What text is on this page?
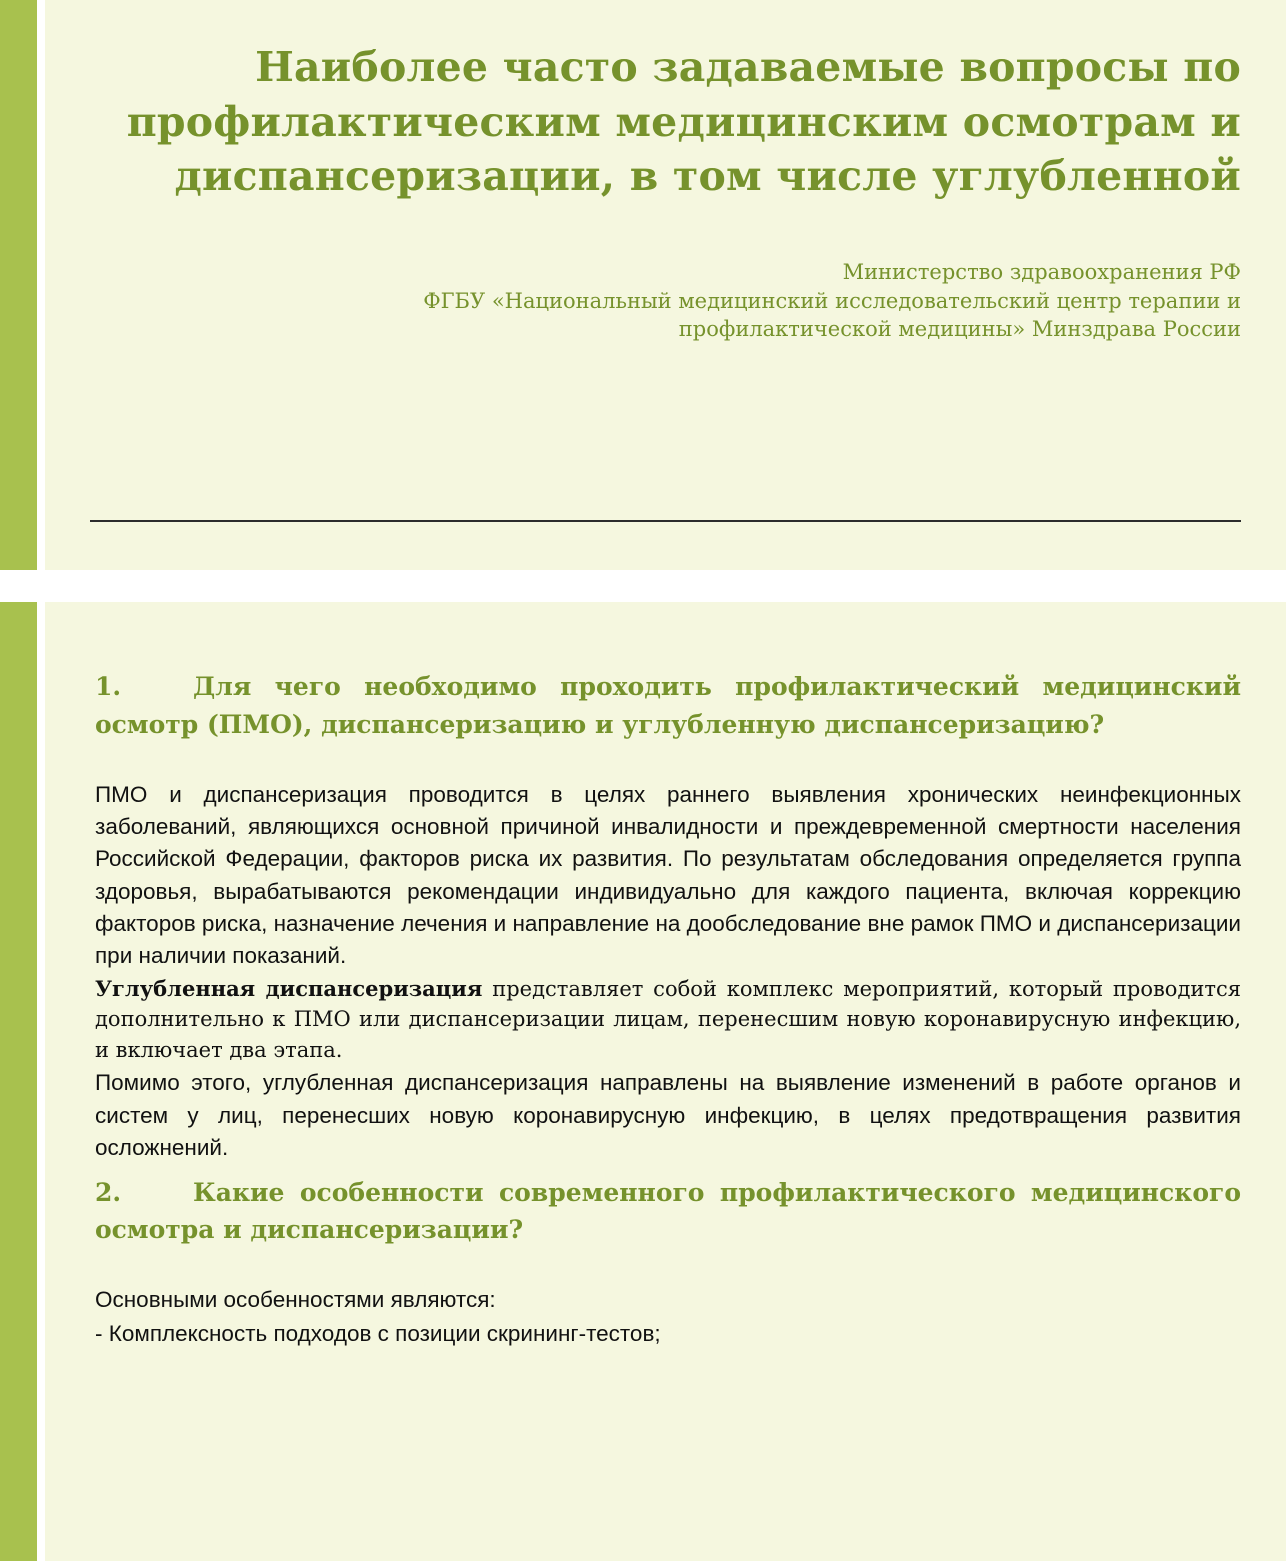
Наиболее часто задаваемые вопросы по профилактическим медицинским осмотрам и диспансеризации, в том числе углубленной
Министерство здравоохранения РФ
ФГБУ «Национальный медицинский исследовательский центр терапии и
профилактической медицины» Минздрава России

1.	Для чего необходимо проходить профилактический медицинский осмотр (ПМО), диспансеризацию и углубленную диспансеризацию?

ПМО и диспансеризация проводится в целях раннего выявления хронических неинфекционных заболеваний, являющихся основной причиной инвалидности и преждевременной смертности населения Российской Федерации, факторов риска их развития. По результатам обследования определяется группа здоровья, вырабатываются рекомендации индивидуально для каждого пациента, включая коррекцию факторов риска, назначение лечения и направление на дообследование вне рамок ПМО и диспансеризации при наличии показаний.

Углубленная диспансеризация представляет собой комплекс мероприятий, который проводится дополнительно к ПМО или диспансеризации лицам, перенесшим новую коронавирусную инфекцию, и включает два этапа.

Помимо этого, углубленная диспансеризация направлены на выявление изменений в работе органов и систем у лиц, перенесших новую коронавирусную инфекцию, в целях предотвращения развития осложнений.

2.	Какие особенности современного профилактического медицинского осмотра и диспансеризации?

Основными особенностями являются:

- Комплексность подходов с позиции скрининг-тестов;
